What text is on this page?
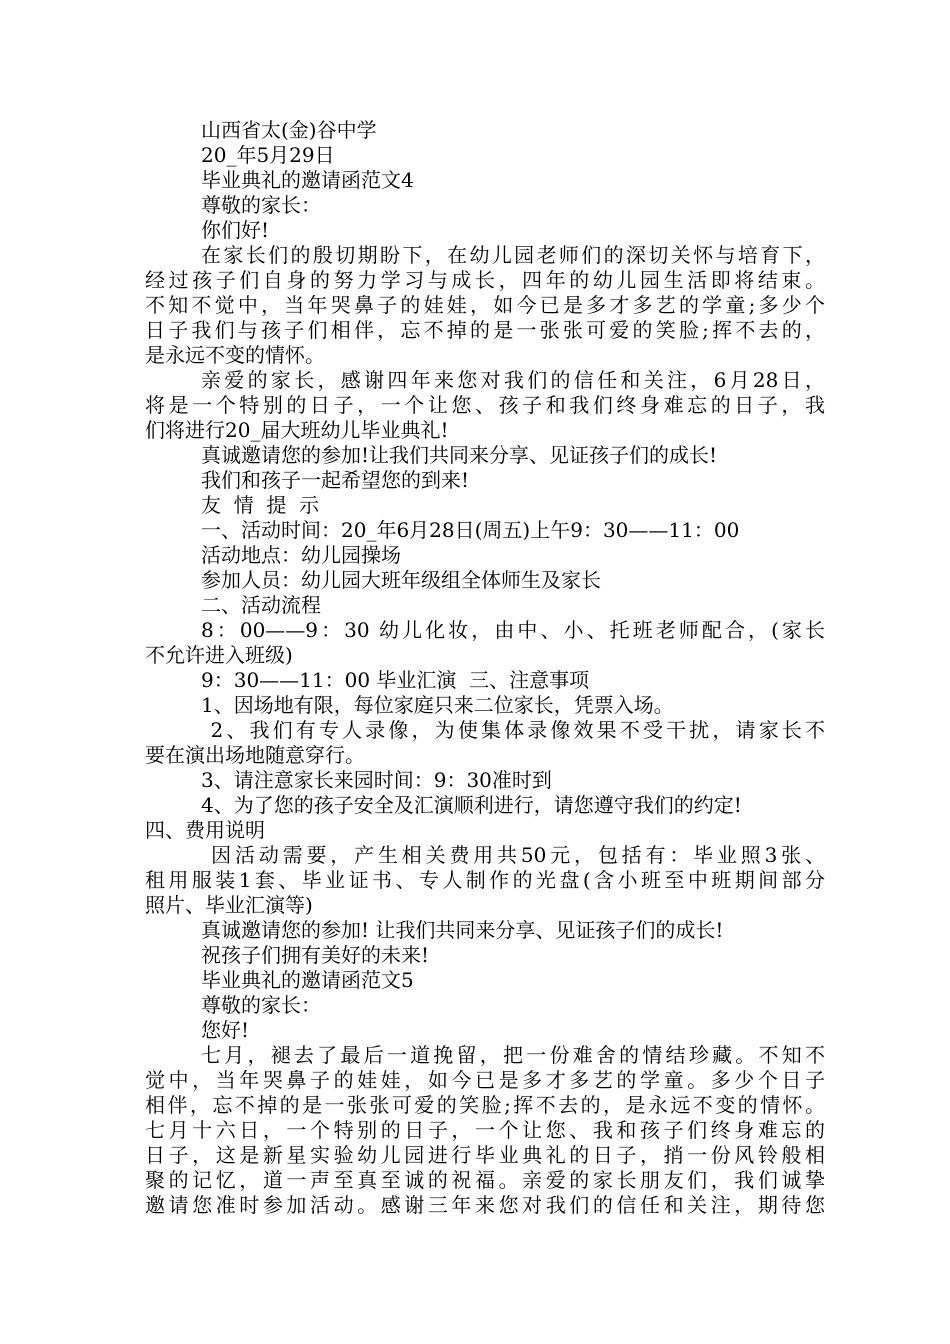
山西省太(金)谷中学
20_年5月29日
毕业典礼的邀请函范文4
尊敬的家长：
你们好!
在家长们的殷切期盼下，在幼儿园老师们的深切关怀与培育下，
经过孩子们自身的努力学习与成长，四年的幼儿园生活即将结束。
不知不觉中，当年哭鼻子的娃娃，如今已是多才多艺的学童;多少个
日子我们与孩子们相伴，忘不掉的是一张张可爱的笑脸;挥不去的，
是永远不变的情怀。
亲爱的家长，感谢四年来您对我们的信任和关注，6月28日，
将是一个特别的日子，一个让您、孩子和我们终身难忘的日子，我
们将进行20_届大班幼儿毕业典礼!
真诚邀请您的参加!让我们共同来分享、见证孩子们的成长!
我们和孩子一起希望您的到来!
友  情  提  示
一、活动时间：20_年6月28日(周五)上午9：30——11：00
活动地点：幼儿园操场
参加人员：幼儿园大班年级组全体师生及家长
二、活动流程
8：00——9：30 幼儿化妆，由中、小、托班老师配合，(家长
不允许进入班级)
9：30——11：00 毕业汇演  三、注意事项
1、因场地有限，每位家庭只来二位家长，凭票入场。
2、我们有专人录像，为使集体录像效果不受干扰，请家长不
要在演出场地随意穿行。
3、请注意家长来园时间：9：30准时到
4、为了您的孩子安全及汇演顺利进行，请您遵守我们的约定!
四、费用说明
因活动需要，产生相关费用共50元，包括有：毕业照3张、
租用服装1套、毕业证书、专人制作的光盘(含小班至中班期间部分
照片、毕业汇演等)
真诚邀请您的参加! 让我们共同来分享、见证孩子们的成长!
祝孩子们拥有美好的未来!
毕业典礼的邀请函范文5
尊敬的家长：
您好!
七月，褪去了最后一道挽留，把一份难舍的情结珍藏。不知不
觉中，当年哭鼻子的娃娃，如今已是多才多艺的学童。多少个日子
相伴，忘不掉的是一张张可爱的笑脸;挥不去的，是永远不变的情怀。
七月十六日，一个特别的日子，一个让您、我和孩子们终身难忘的
日子，这是新星实验幼儿园进行毕业典礼的日子，捎一份风铃般相
聚的记忆，道一声至真至诚的祝福。亲爱的家长朋友们，我们诚挚
邀请您准时参加活动。感谢三年来您对我们的信任和关注，期待您
